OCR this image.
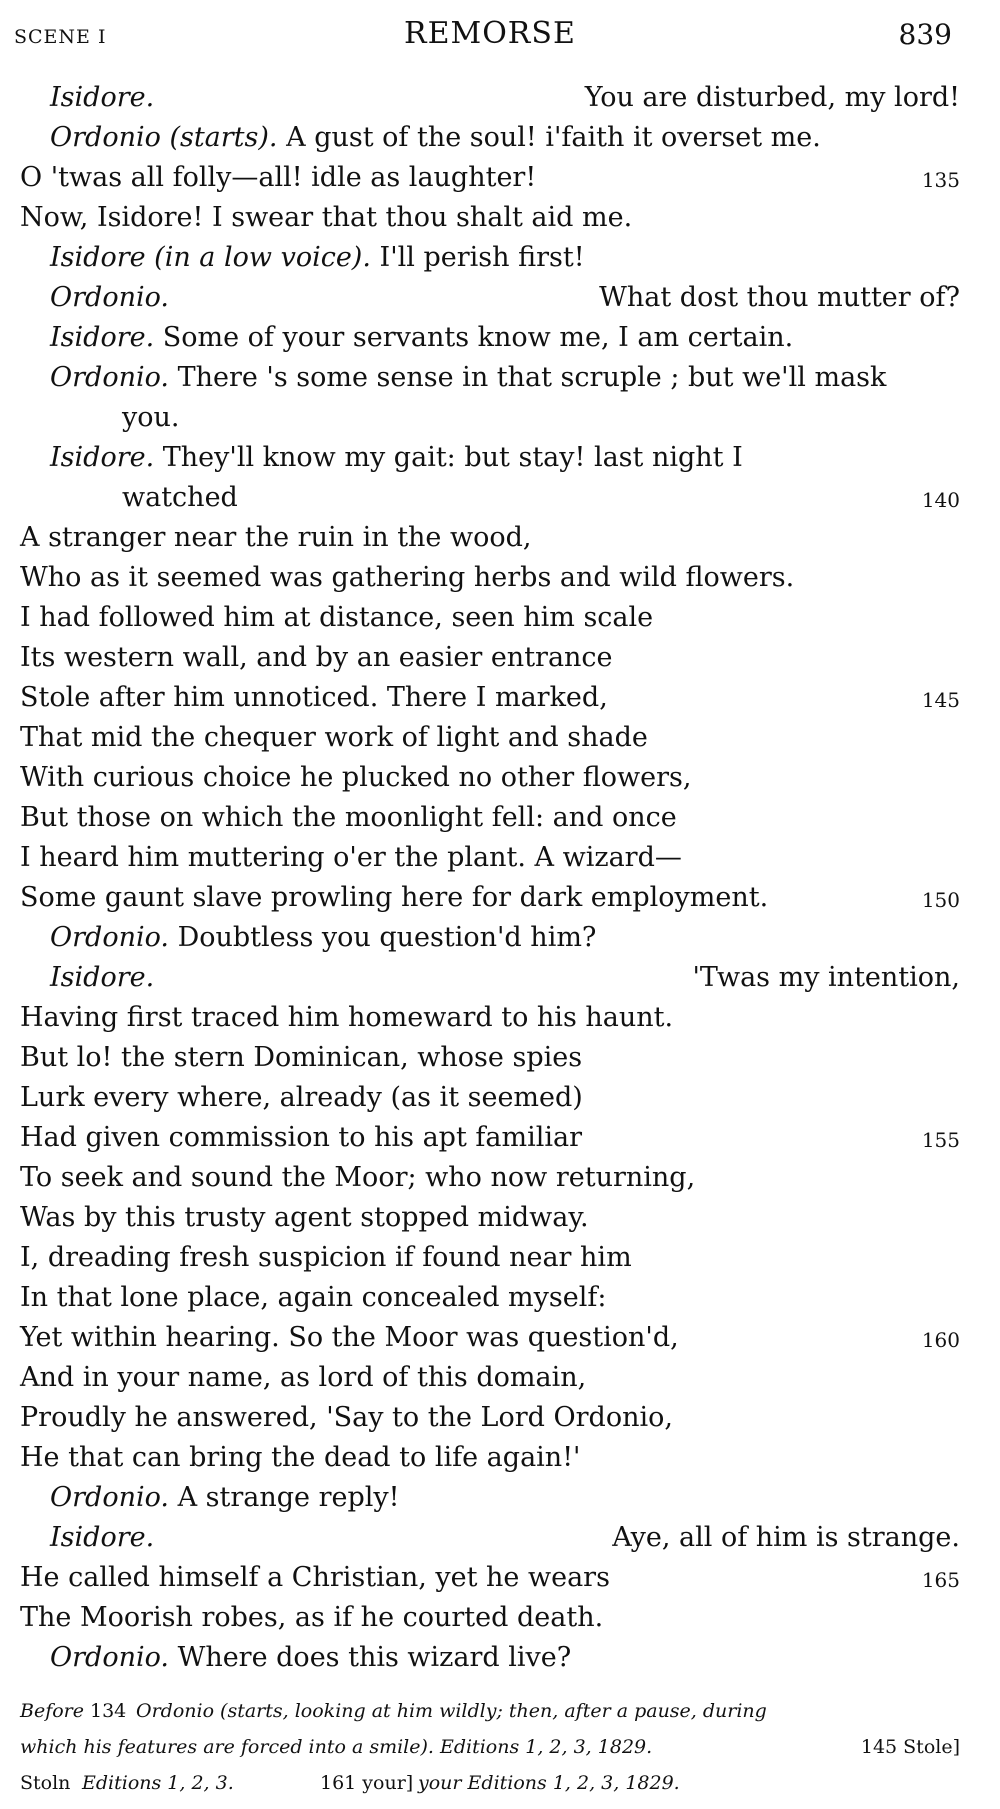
SCENE I	REMORSE	839
Isidore.	You are disturbed, my lord!
Ordonio (starts). A gust of the soul! i'faith it overset me.
O 'twas all folly—all! idle as laughter!	135
Now, Isidore! I swear that thou shalt aid me.
Isidore (in a low voice). I'll perish first!
Ordonio.	What dost thou mutter of?
Isidore. Some of your servants know me, I am certain.
Ordonio. There 's some sense in that scruple ; but we'll mask
you.
Isidore. They'll know my gait: but stay! last night I
watched	140
A stranger near the ruin in the wood,
Who as it seemed was gathering herbs and wild flowers.
I had followed him at distance, seen him scale
Its western wall, and by an easier entrance
Stole after him unnoticed. There I marked,	145
That mid the chequer work of light and shade
With curious choice he plucked no other flowers,
But those on which the moonlight fell: and once
I heard him muttering o'er the plant. A wizard—
Some gaunt slave prowling here for dark employment.	150
Ordonio. Doubtless you question'd him?
Isidore.	'Twas my intention,
Having first traced him homeward to his haunt.
But lo! the stern Dominican, whose spies
Lurk every where, already (as it seemed)
Had given commission to his apt familiar	155
To seek and sound the Moor; who now returning,
Was by this trusty agent stopped midway.
I, dreading fresh suspicion if found near him
In that lone place, again concealed myself:
Yet within hearing. So the Moor was question'd,	160
And in your name, as lord of this domain,
Proudly he answered, 'Say to the Lord Ordonio,
He that can bring the dead to life again!'
Ordonio. A strange reply!
Isidore.	Aye, all of him is strange.
He called himself a Christian, yet he wears	165
The Moorish robes, as if he courted death.
Ordonio. Where does this wizard live?
Before 134 Ordonio (starts, looking at him wildly; then, after a pause, during
which his features are forced into a smile). Editions 1, 2, 3, 1829.	145 Stole]
Stoln Editions 1, 2, 3.	161 your] your Editions 1, 2, 3, 1829.
